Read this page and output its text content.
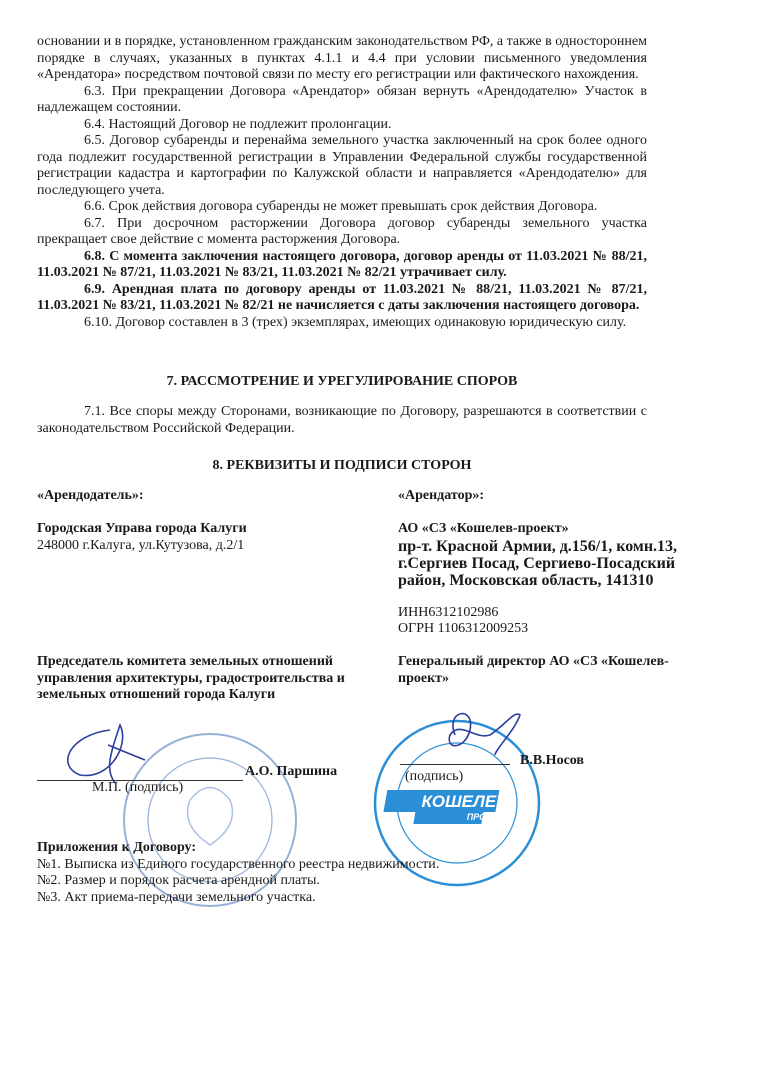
основании и в порядке, установленном гражданским законодательством РФ, а также в одностороннем порядке в случаях, указанных в пунктах 4.1.1 и 4.4 при условии письменного уведомления «Арендатора» посредством почтовой связи по месту его регистрации или фактического нахождения.

6.3. При прекращении Договора «Арендатор» обязан вернуть «Арендодателю» Участок в надлежащем состоянии.

6.4. Настоящий Договор не подлежит пролонгации.

6.5. Договор субаренды и перенайма земельного участка заключенный на срок более одного года подлежит государственной регистрации в Управлении Федеральной службы государственной регистрации кадастра и картографии по Калужской области и направляется «Арендодателю» для последующего учета.

6.6. Срок действия договора субаренды не может превышать срок действия Договора.

6.7. При досрочном расторжении Договора договор субаренды земельного участка прекращает свое действие с момента расторжения Договора.

6.8. С момента заключения настоящего договора, договор аренды от 11.03.2021 № 88/21, 11.03.2021 № 87/21, 11.03.2021 № 83/21, 11.03.2021 № 82/21 утрачивает силу.

6.9. Арендная плата по договору аренды от 11.03.2021 № 88/21, 11.03.2021 № 87/21, 11.03.2021 № 83/21, 11.03.2021 № 82/21 не начисляется с даты заключения настоящего договора.

6.10. Договор составлен в 3 (трех) экземплярах, имеющих одинаковую юридическую силу.

7. РАССМОТРЕНИЕ И УРЕГУЛИРОВАНИЕ СПОРОВ

7.1. Все споры между Сторонами, возникающие по Договору, разрешаются в соответствии с законодательством Российской Федерации.

8. РЕКВИЗИТЫ И ПОДПИСИ СТОРОН
«Арендодатель»:
Городская Управа города Калуги
248000 г.Калуга, ул.Кутузова, д.2/1
Председатель комитета земельных отношений управления архитектуры, градостроительства и земельных отношений города Калуги
«Арендатор»:
АО «СЗ «Кошелев-проект»
пр-т. Красной Армии, д.156/1, комн.13, г.Сергиев Посад, Сергиево-Посадский район, Московская область, 141310
ИНН6312102986
ОГРН 1106312009253
Генеральный директор АО «СЗ «Кошелев-проект»
КОШЕЛЕВ
ПРОЕКТ
А.О. Паршина
М.П. (подпись)
В.В.Носов
(подпись)
Приложения к Договору:
№1. Выписка из Единого государственного реестра недвижимости.
№2. Размер и порядок расчета арендной платы.
№3. Акт приема-передачи земельного участка.
